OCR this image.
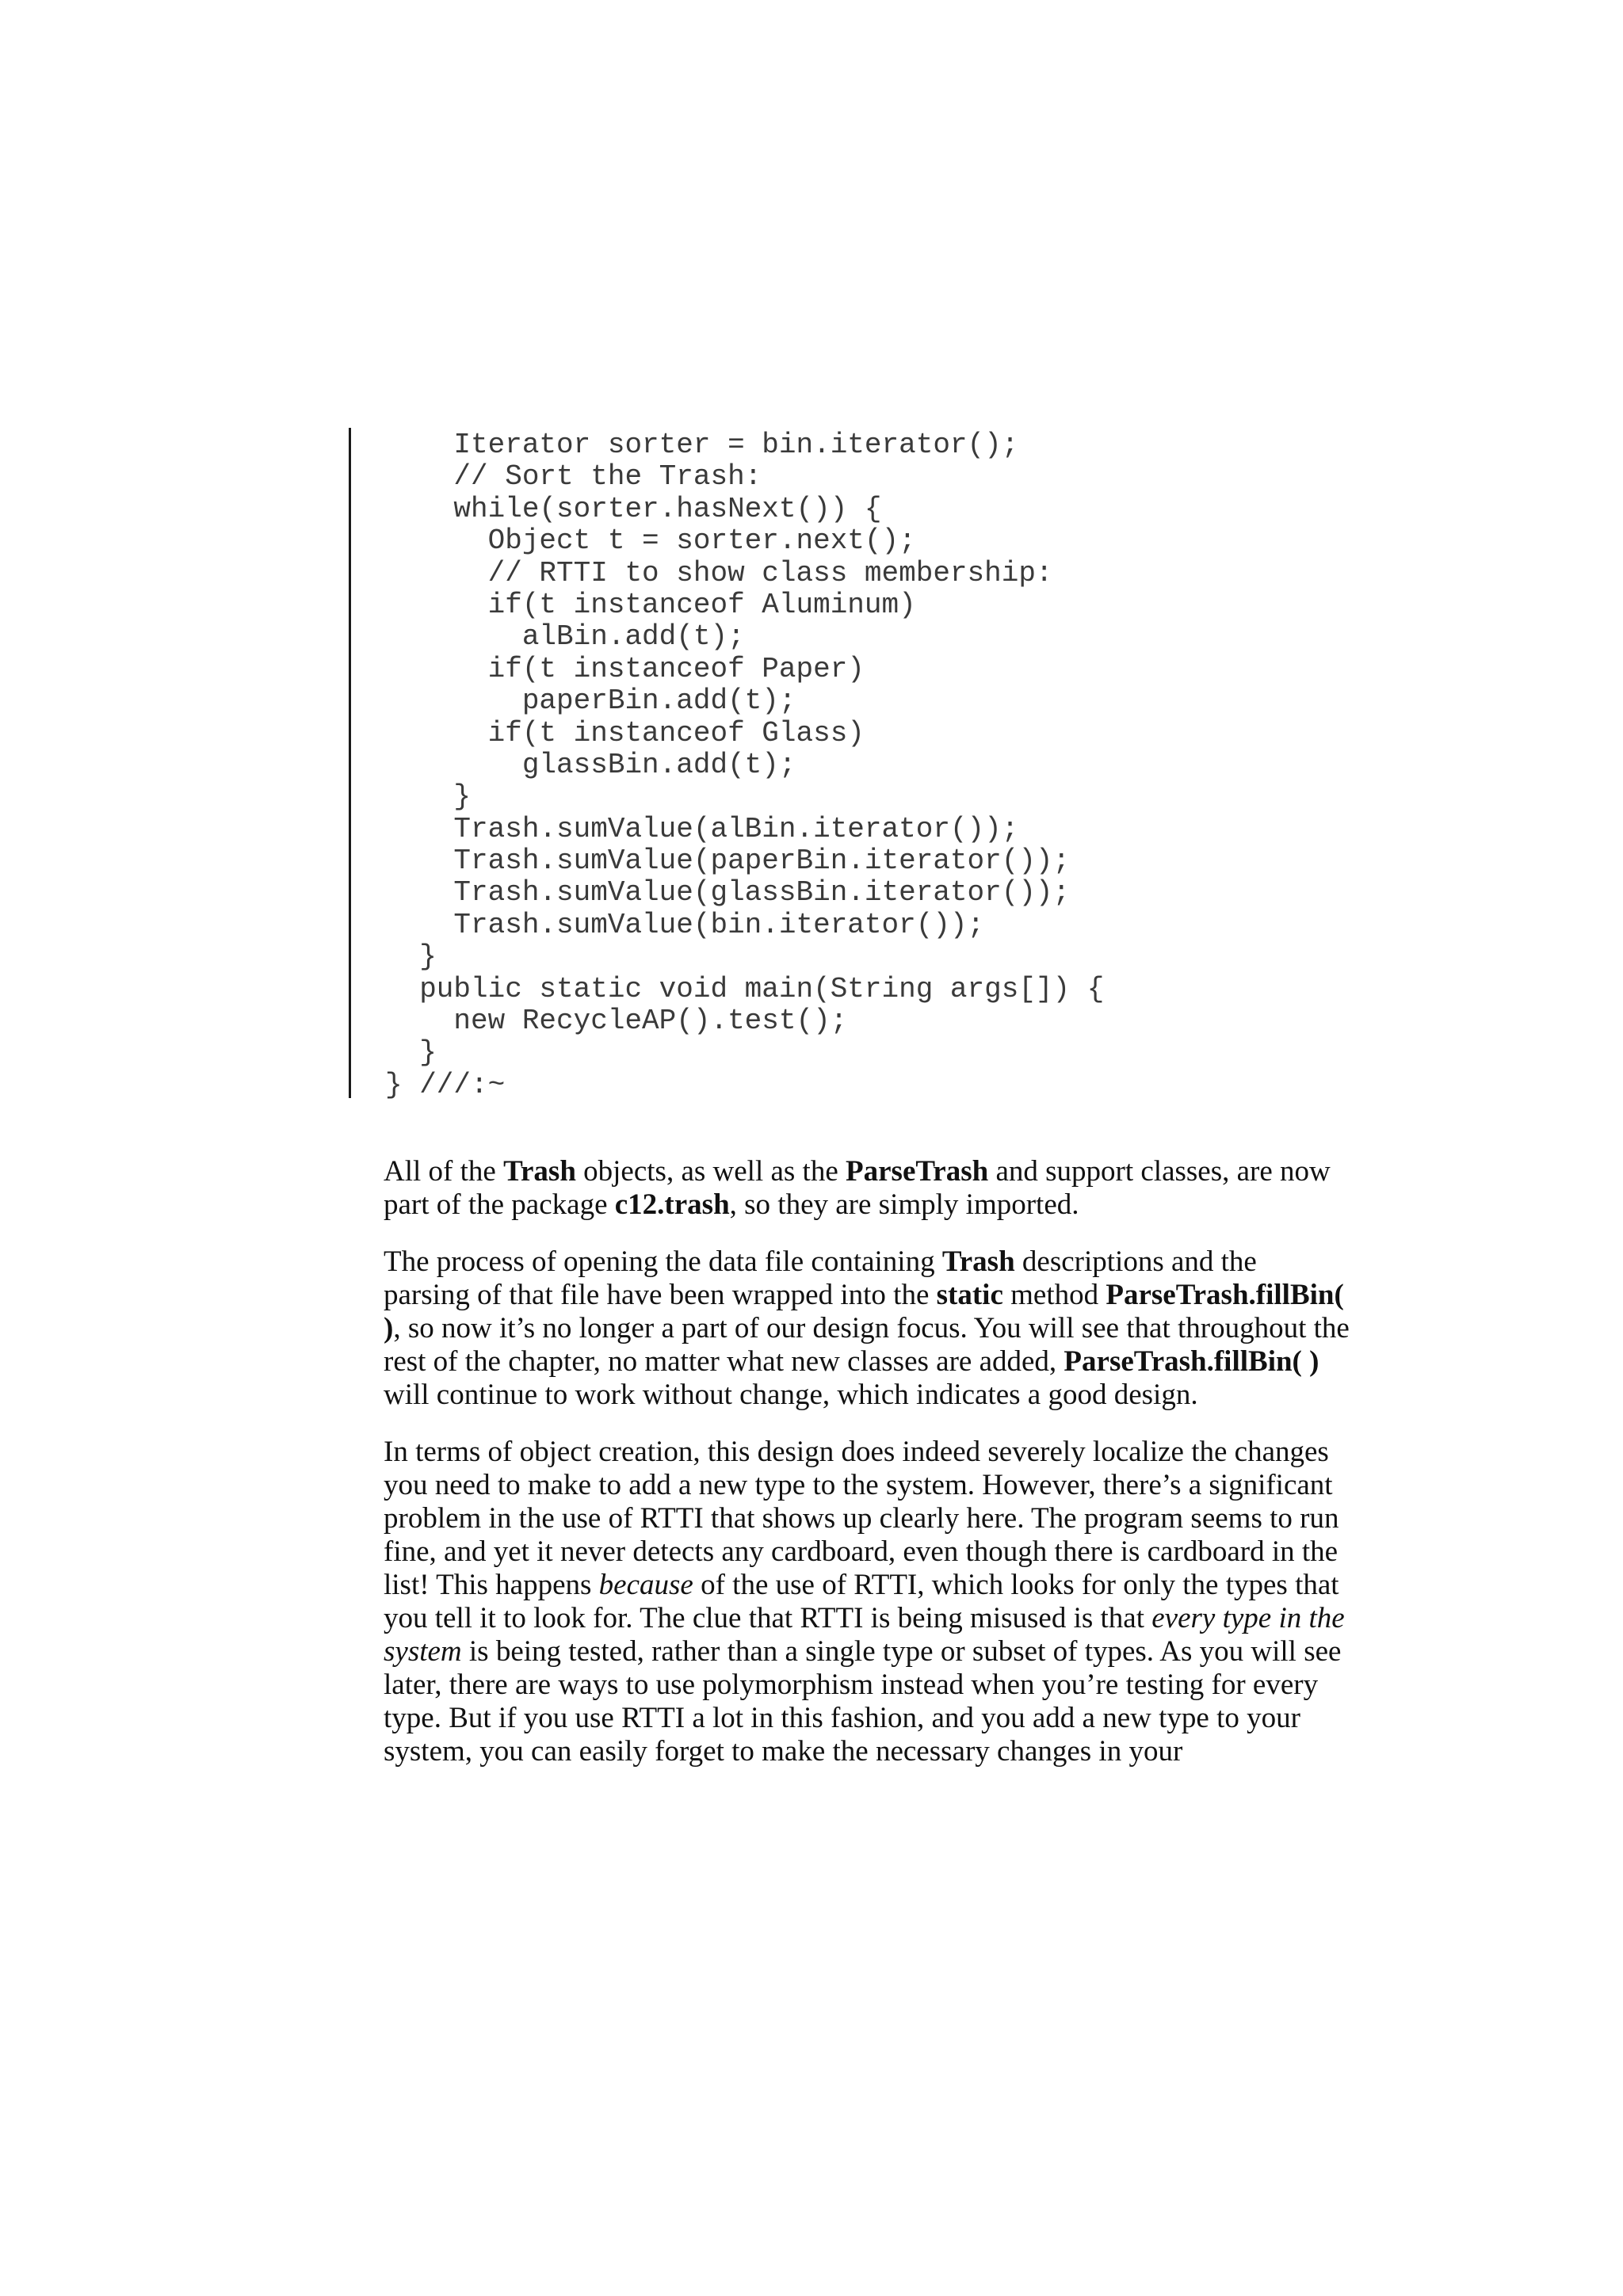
Iterator sorter = bin.iterator();
// Sort the Trash:
while(sorter.hasNext()) {
Object t = sorter.next();
// RTTI to show class membership:
if(t instanceof Aluminum)
alBin.add(t);
if(t instanceof Paper)
paperBin.add(t);
if(t instanceof Glass)
glassBin.add(t);
}
Trash.sumValue(alBin.iterator());
Trash.sumValue(paperBin.iterator());
Trash.sumValue(glassBin.iterator());
Trash.sumValue(bin.iterator());
}
public static void main(String args[]) {
new RecycleAP().test();
}
} ///:~

All of the Trash objects, as well as the ParseTrash and support classes, are now part of the package c12.trash, so they are simply imported.

The process of opening the data file containing Trash descriptions and the parsing of that file have been wrapped into the static method ParseTrash.fillBin( ), so now it’s no longer a part of our design focus. You will see that throughout the rest of the chapter, no matter what new classes are added, ParseTrash.fillBin( ) will continue to work without change, which indicates a good design.

In terms of object creation, this design does indeed severely localize the changes you need to make to add a new type to the system. However, there’s a significant problem in the use of RTTI that shows up clearly here. The program seems to run fine, and yet it never detects any cardboard, even though there is cardboard in the list! This happens because of the use of RTTI, which looks for only the types that you tell it to look for. The clue that RTTI is being misused is that every type in the system is being tested, rather than a single type or subset of types. As you will see later, there are ways to use polymorphism instead when you’re testing for every type. But if you use RTTI a lot in this fashion, and you add a new type to your system, you can easily forget to make the necessary changes in your
